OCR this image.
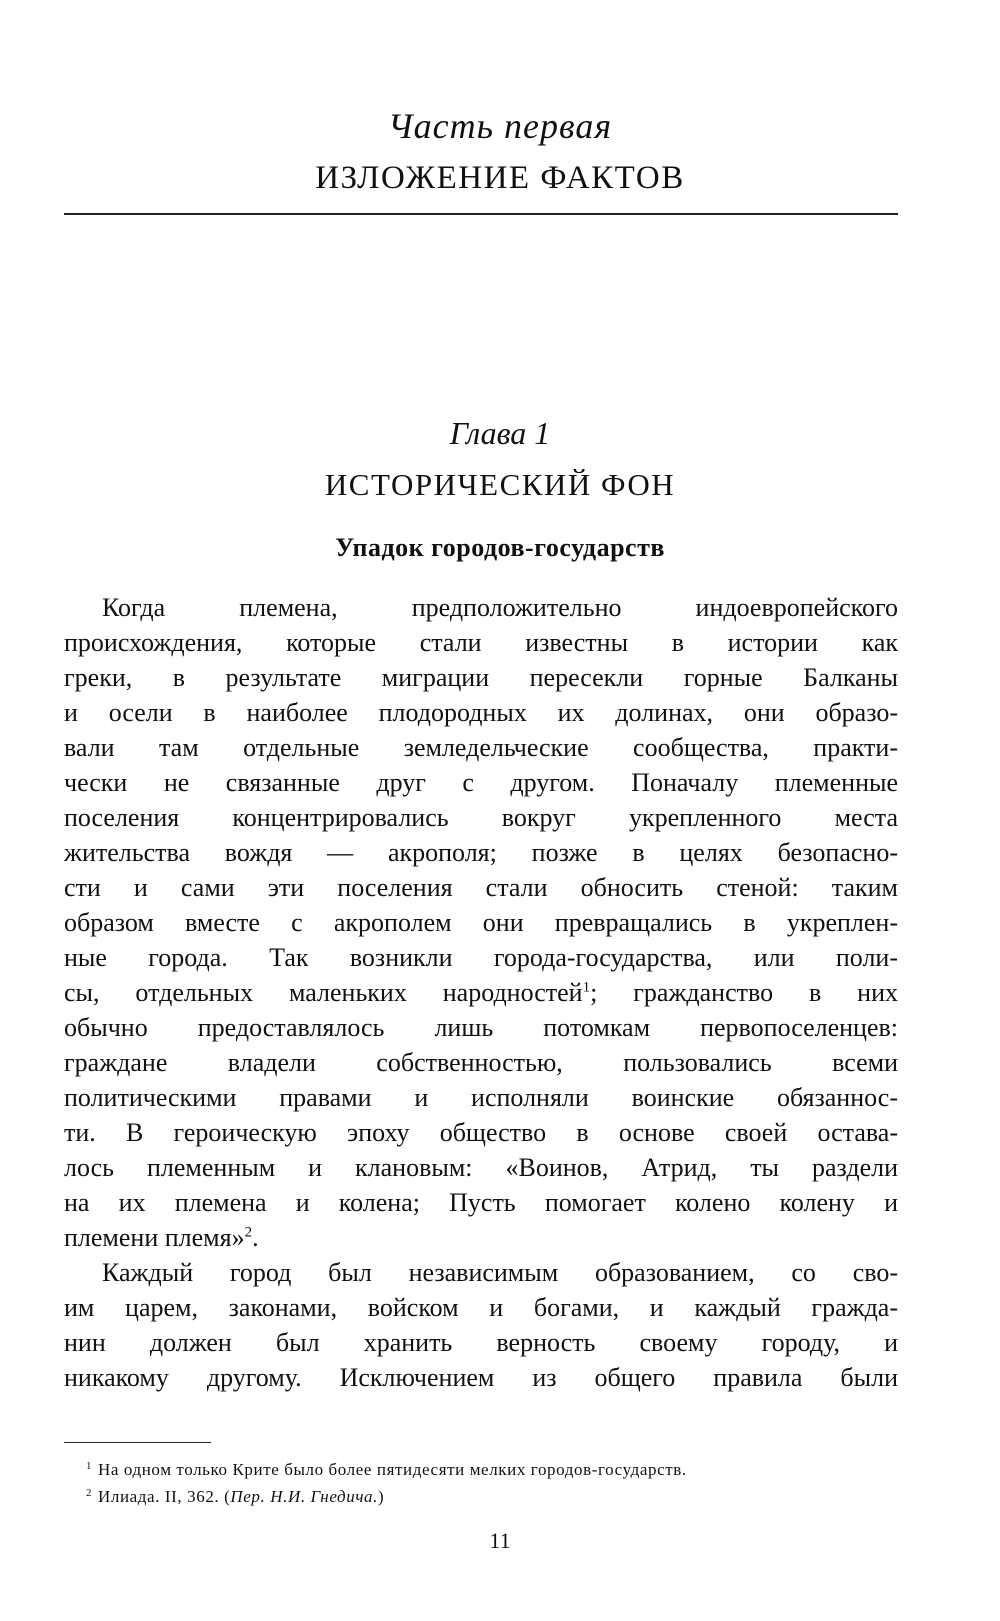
Часть первая
ИЗЛОЖЕНИЕ ФАКТОВ
Глава 1
ИСТОРИЧЕСКИЙ ФОН
Упадок городов-государств
Когда племена, предположительно индоевропейского
происхождения, которые стали известны в истории как
греки, в результате миграции пересекли горные Балканы
и осели в наиболее плодородных их долинах, они образо-
вали там отдельные земледельческие сообщества, практи-
чески не связанные друг с другом. Поначалу племенные
поселения концентрировались вокруг укрепленного места
жительства вождя — акрополя; позже в целях безопасно-
сти и сами эти поселения стали обносить стеной: таким
образом вместе с акрополем они превращались в укреплен-
ные города. Так возникли города-государства, или поли-
сы, отдельных маленьких народностей$^1$; гражданство в них
обычно предоставлялось лишь потомкам первопоселенцев:
граждане владели собственностью, пользовались всеми
политическими правами и исполняли воинские обязаннос-
ти. В героическую эпоху общество в основе своей остава-
лось племенным и клановым: «Воинов, Атрид, ты раздели
на их племена и колена; Пусть помогает колено колену и
племени племя»$^2$.
Каждый город был независимым образованием, со сво-
им царем, законами, войском и богами, и каждый гражда-
нин должен был хранить верность своему городу, и
никакому другому. Исключением из общего правила были
1 На одном только Крите было более пятидесяти мелких городов-государств.
2 Илиада. II, 362. (Пер. Н.И. Гнедича.)
11
